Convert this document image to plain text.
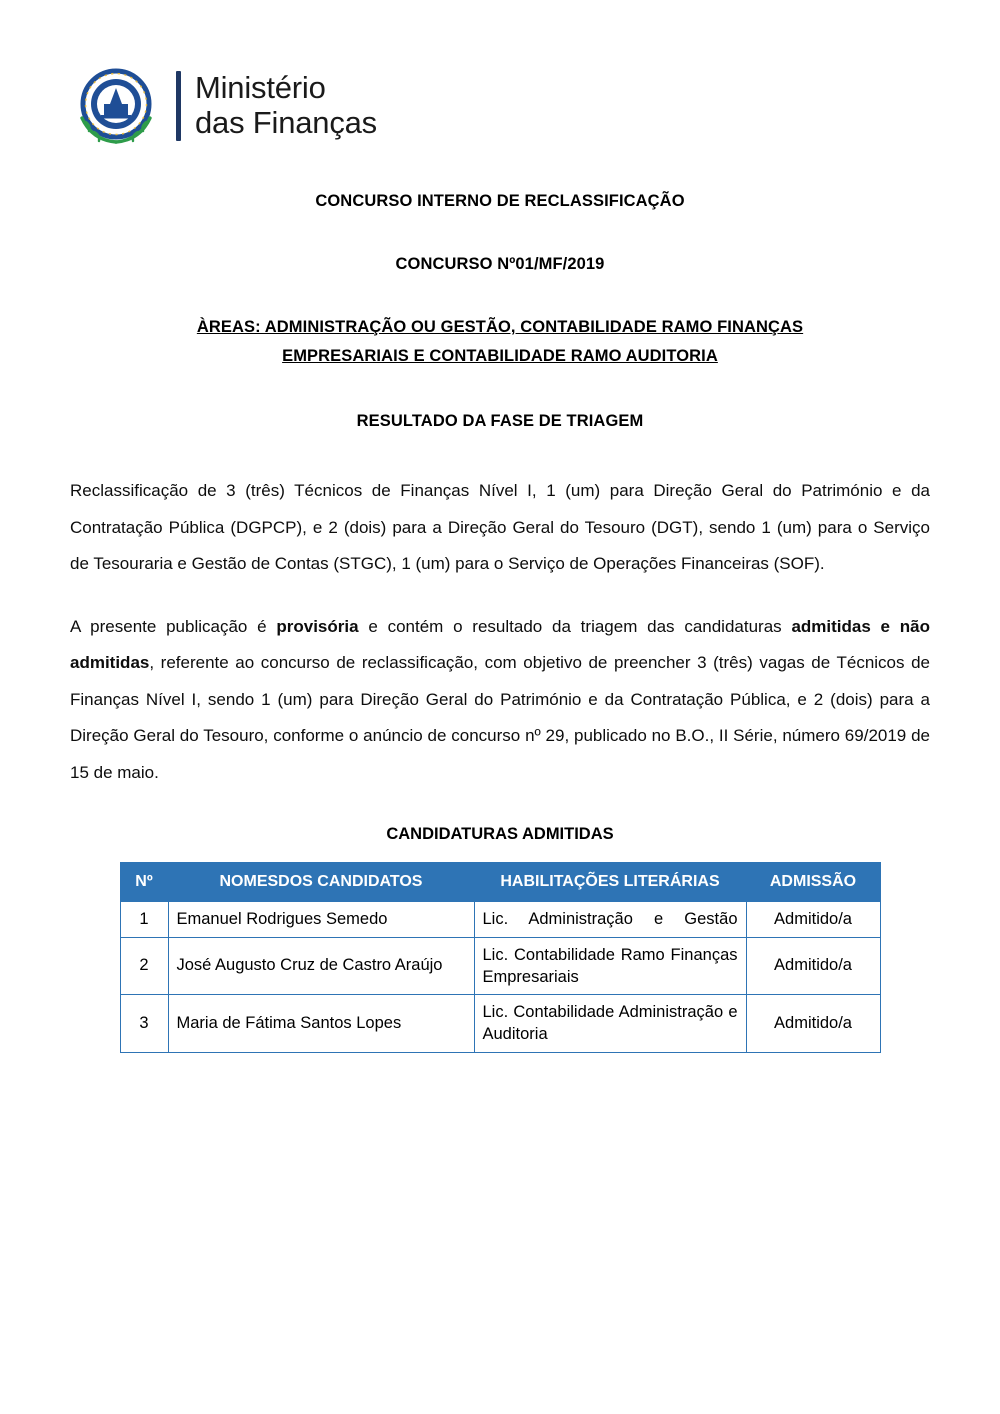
Ministério
das Finanças
CONCURSO INTERNO DE RECLASSIFICAÇÃO
CONCURSO Nº01/MF/2019
ÀREAS: ADMINISTRAÇÃO OU GESTÃO, CONTABILIDADE RAMO FINANÇAS
EMPRESARIAIS E CONTABILIDADE RAMO AUDITORIA
RESULTADO DA FASE DE TRIAGEM

Reclassificação de 3 (três) Técnicos de Finanças Nível I, 1 (um) para Direção Geral do Património e da Contratação Pública (DGPCP), e 2 (dois) para a Direção Geral do Tesouro (DGT), sendo 1 (um) para o Serviço de Tesouraria e Gestão de Contas (STGC), 1 (um) para o Serviço de Operações Financeiras (SOF).

A presente publicação é provisória e contém o resultado da triagem das candidaturas admitidas e não admitidas, referente ao concurso de reclassificação, com objetivo de preencher 3 (três) vagas de Técnicos de Finanças Nível I, sendo 1 (um) para Direção Geral do Património e da Contratação Pública, e 2 (dois) para a Direção Geral do Tesouro, conforme o anúncio de concurso nº 29, publicado no B.O., II Série, número 69/2019 de 15 de maio.

CANDIDATURAS ADMITIDAS
Nº	NOMESDOS CANDIDATOS	HABILITAÇÕES LITERÁRIAS	ADMISSÃO
1	Emanuel Rodrigues Semedo	Lic. Administração e Gestão	Admitido/a
2	José Augusto Cruz de Castro Araújo	Lic. Contabilidade Ramo Finanças Empresariais	Admitido/a
3	Maria de Fátima Santos Lopes	Lic. Contabilidade Administração e Auditoria	Admitido/a
